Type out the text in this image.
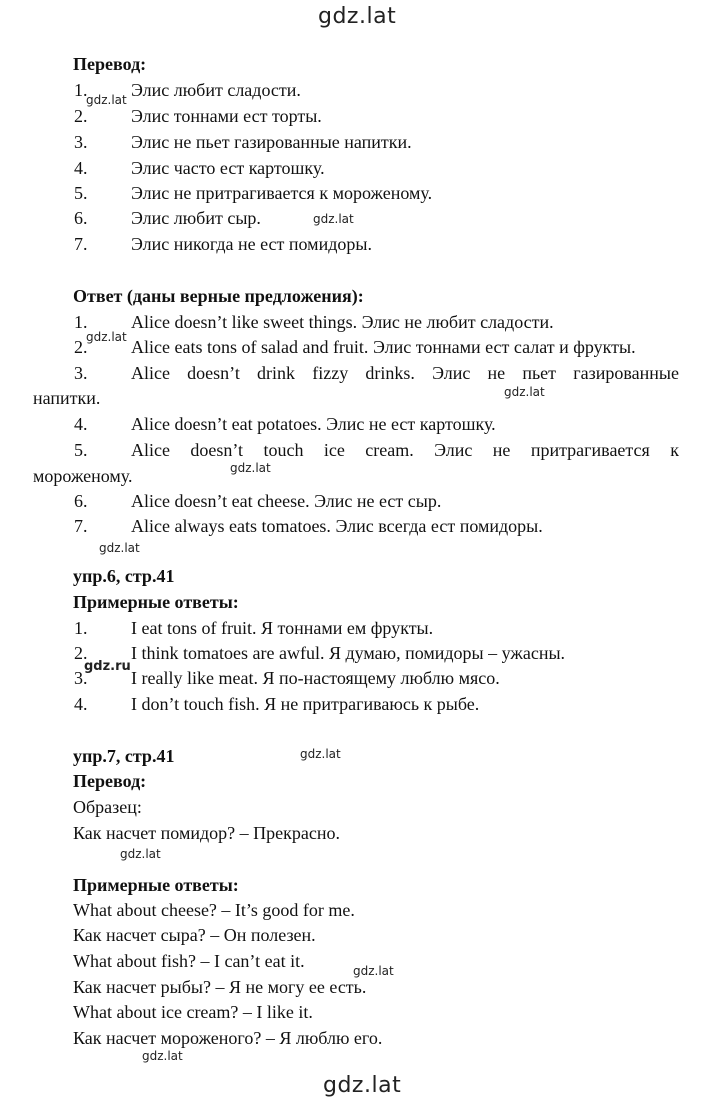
gdz.lat
Перевод:
1. Элис любит сладости.
2. Элис тоннами ест торты.
3. Элис не пьет газированные напитки.
4. Элис часто ест картошку.
5. Элис не притрагивается к мороженому.
6. Элис любит сыр.
7. Элис никогда не ест помидоры.
gdz.lat
gdz.lat
Ответ (даны верные предложения):
1. Alice doesn’t like sweet things. Элис не любит сладости.
2. Alice eats tons of salad and fruit. Элис тоннами ест салат и фрукты.
3. Alice doesn’t drink fizzy drinks. Элис не пьет газированные
напитки.
4. Alice doesn’t eat potatoes. Элис не ест картошку.
5. Alice doesn’t touch ice cream. Элис не притрагивается к
мороженому.
6. Alice doesn’t eat cheese. Элис не ест сыр.
7. Alice always eats tomatoes. Элис всегда ест помидоры.
gdz.lat
gdz.lat
gdz.lat
gdz.lat
упр.6, стр.41
Примерные ответы:
1. I eat tons of fruit. Я тоннами ем фрукты.
2. I think tomatoes are awful. Я думаю, помидоры – ужасны.
3. I really like meat. Я по-настоящему люблю мясо.
4. I don’t touch fish. Я не притрагиваюсь к рыбе.
gdz.ru
упр.7, стр.41	gdz.lat
Перевод:
Образец:
Как насчет помидор? – Прекрасно.
gdz.lat
Примерные ответы:
What about cheese? – It’s good for me.
Как насчет сыра? – Он полезен.
What about fish? – I can’t eat it.
Как насчет рыбы? – Я не могу ее есть.
What about ice cream? – I like it.
Как насчет мороженого? – Я люблю его.
gdz.lat
gdz.lat
gdz.lat
